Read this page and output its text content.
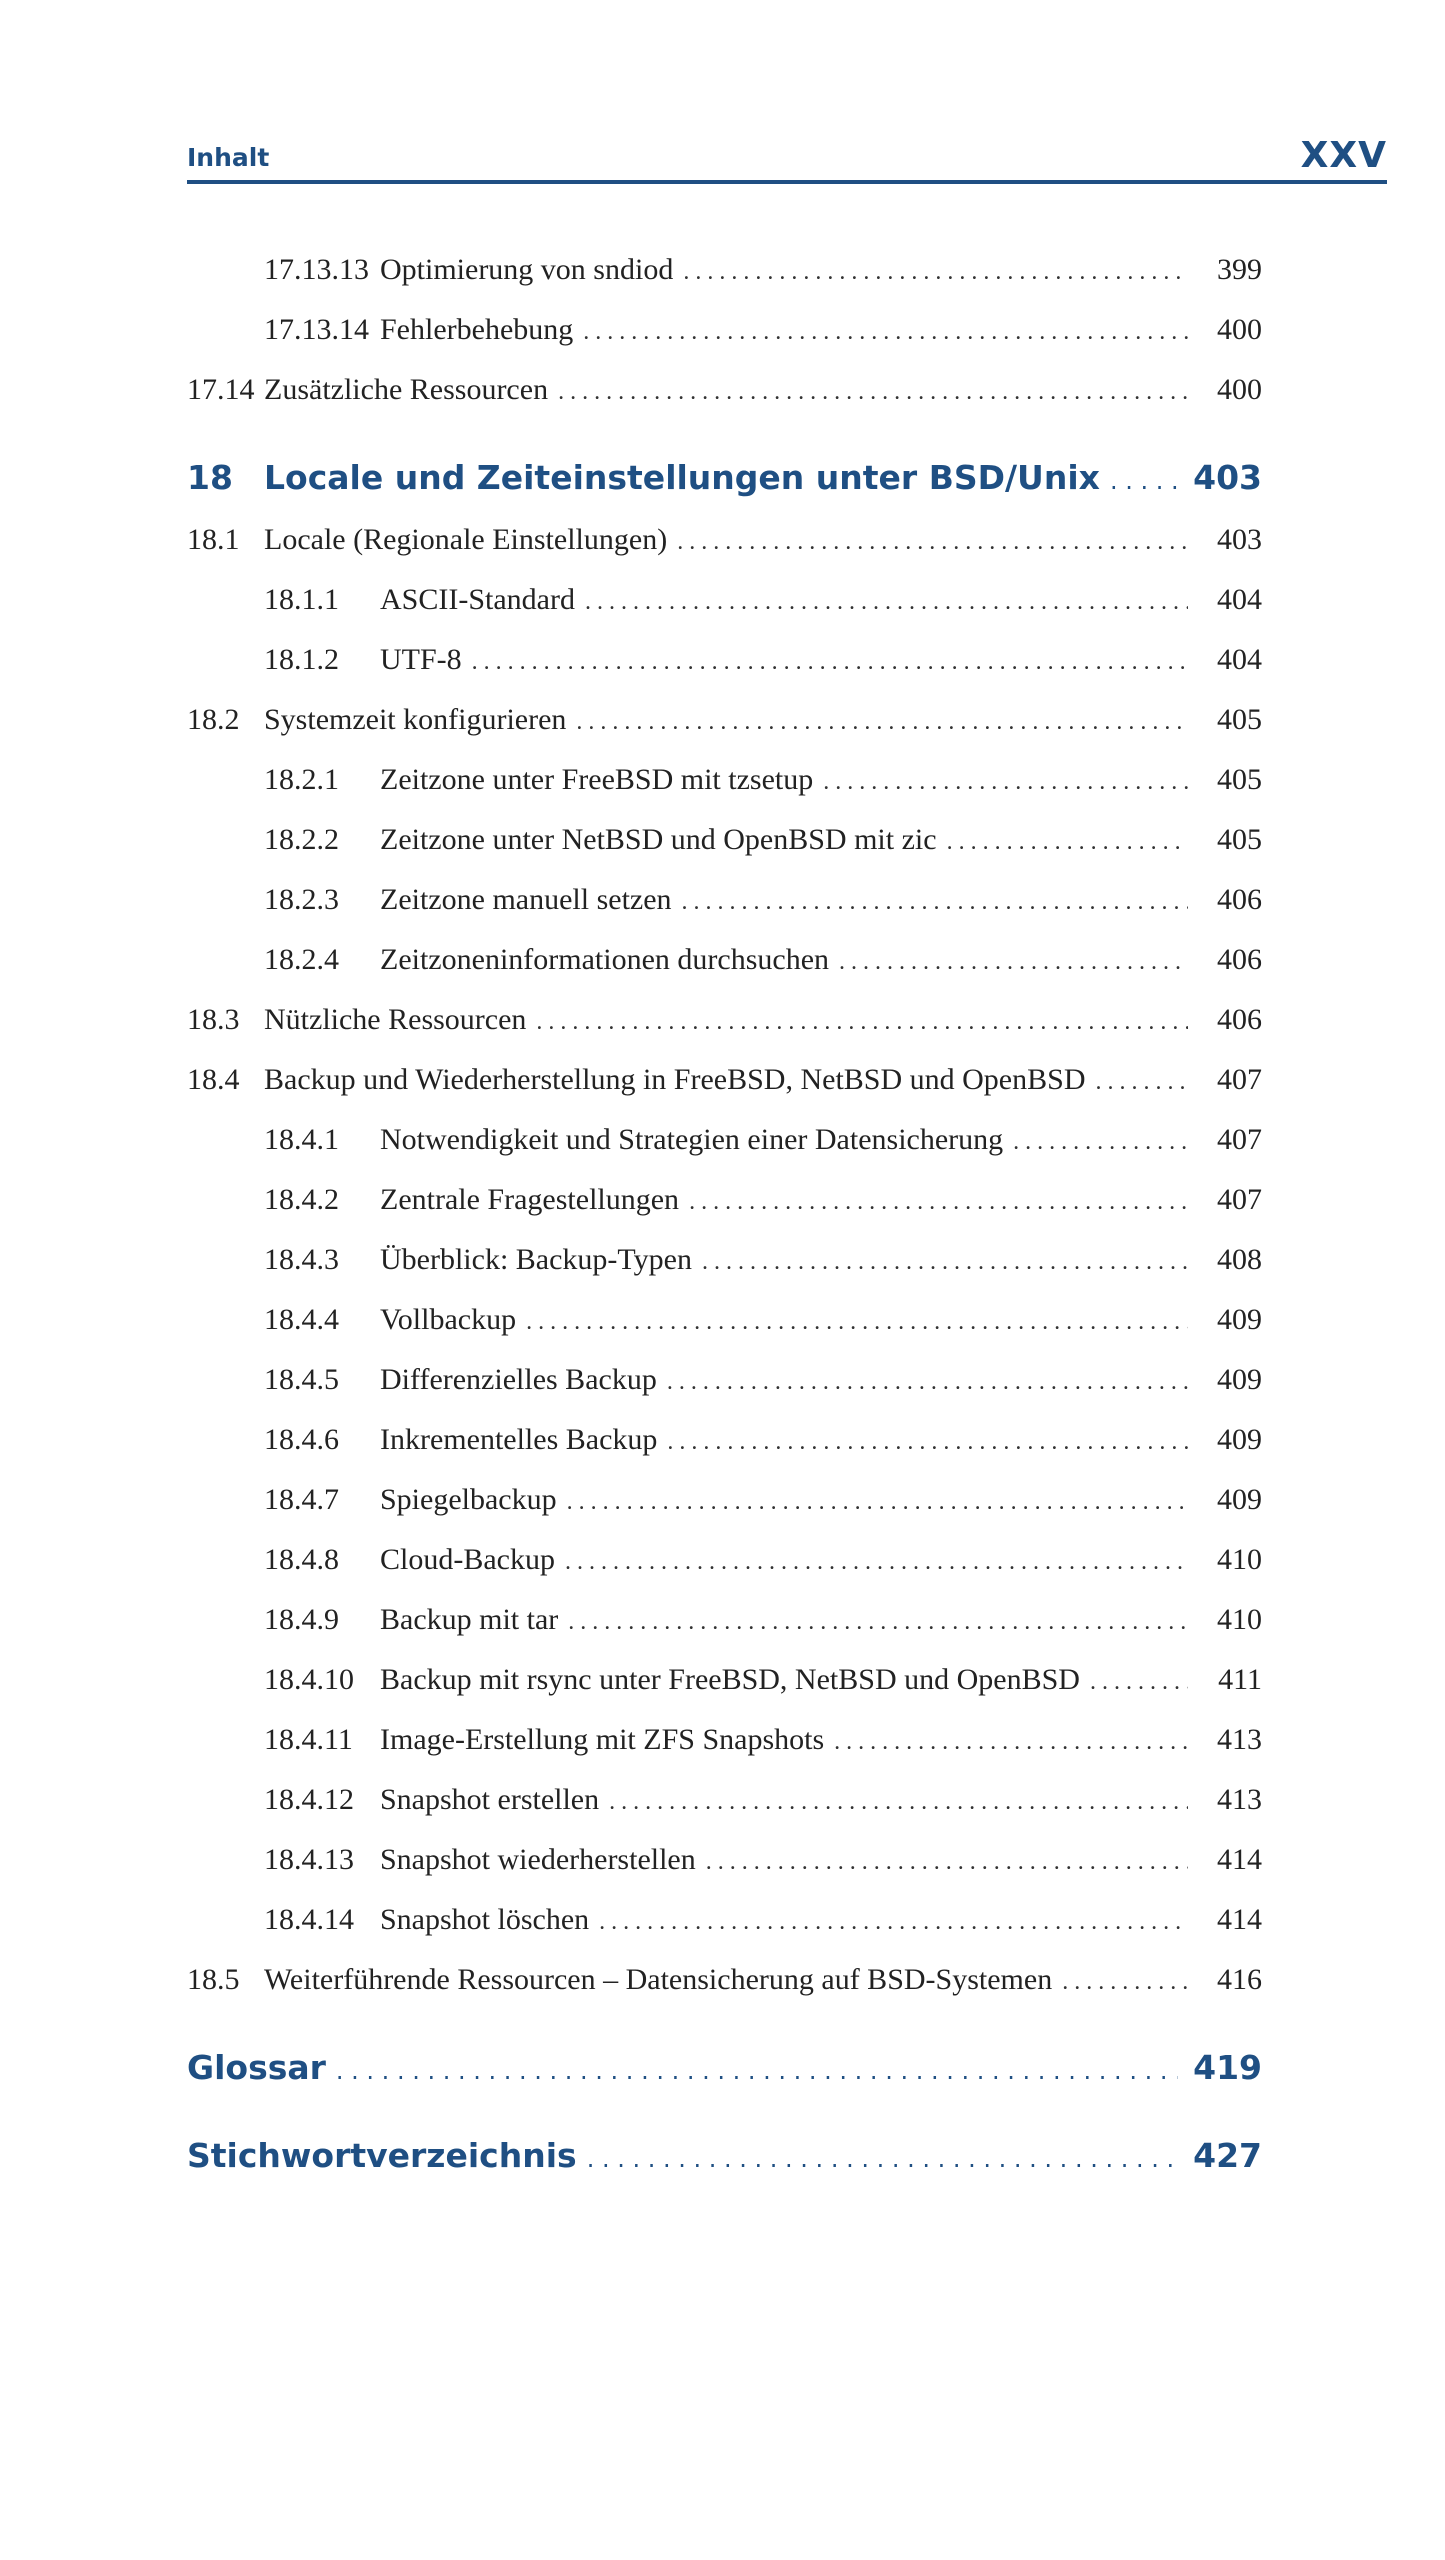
Inhalt	XXV
17.13.13 Optimierung von sndiod . . .	399
17.13.14 Fehlerbehebung . . .	400
17.14 Zusätzliche Ressourcen . . .	400
18 Locale und Zeiteinstellungen unter BSD/Unix . . .	403
18.1 Locale (Regionale Einstellungen) . . .	403
18.1.1	ASCII-Standard . . .	404
18.1.2	UTF-8 . . .	404
18.2 Systemzeit konfigurieren . . .	405
18.2.1	Zeitzone unter FreeBSD mit tzsetup . . .	405
18.2.2	Zeitzone unter NetBSD und OpenBSD mit zic . . .	405
18.2.3	Zeitzone manuell setzen . . .	406
18.2.4	Zeitzoneninformationen durchsuchen . . .	406
18.3 Nützliche Ressourcen . . .	406
18.4 Backup und Wiederherstellung in FreeBSD, NetBSD und OpenBSD . . .	407
18.4.1	Notwendigkeit und Strategien einer Datensicherung . . .	407
18.4.2	Zentrale Fragestellungen . . .	407
18.4.3	Überblick: Backup-Typen . . .	408
18.4.4	Vollbackup . . .	409
18.4.5	Differenzielles Backup . . .	409
18.4.6	Inkrementelles Backup . . .	409
18.4.7	Spiegelbackup . . .	409
18.4.8	Cloud-Backup . . .	410
18.4.9	Backup mit tar . . .	410
18.4.10 Backup mit rsync unter FreeBSD, NetBSD und OpenBSD . . .	411
18.4.11 Image-Erstellung mit ZFS Snapshots . . .	413
18.4.12 Snapshot erstellen . . .	413
18.4.13 Snapshot wiederherstellen . . .	414
18.4.14 Snapshot löschen . . .	414
18.5 Weiterführende Ressourcen – Datensicherung auf BSD-Systemen . . .	416
Glossar . . .	419
Stichwortverzeichnis . . .	427
